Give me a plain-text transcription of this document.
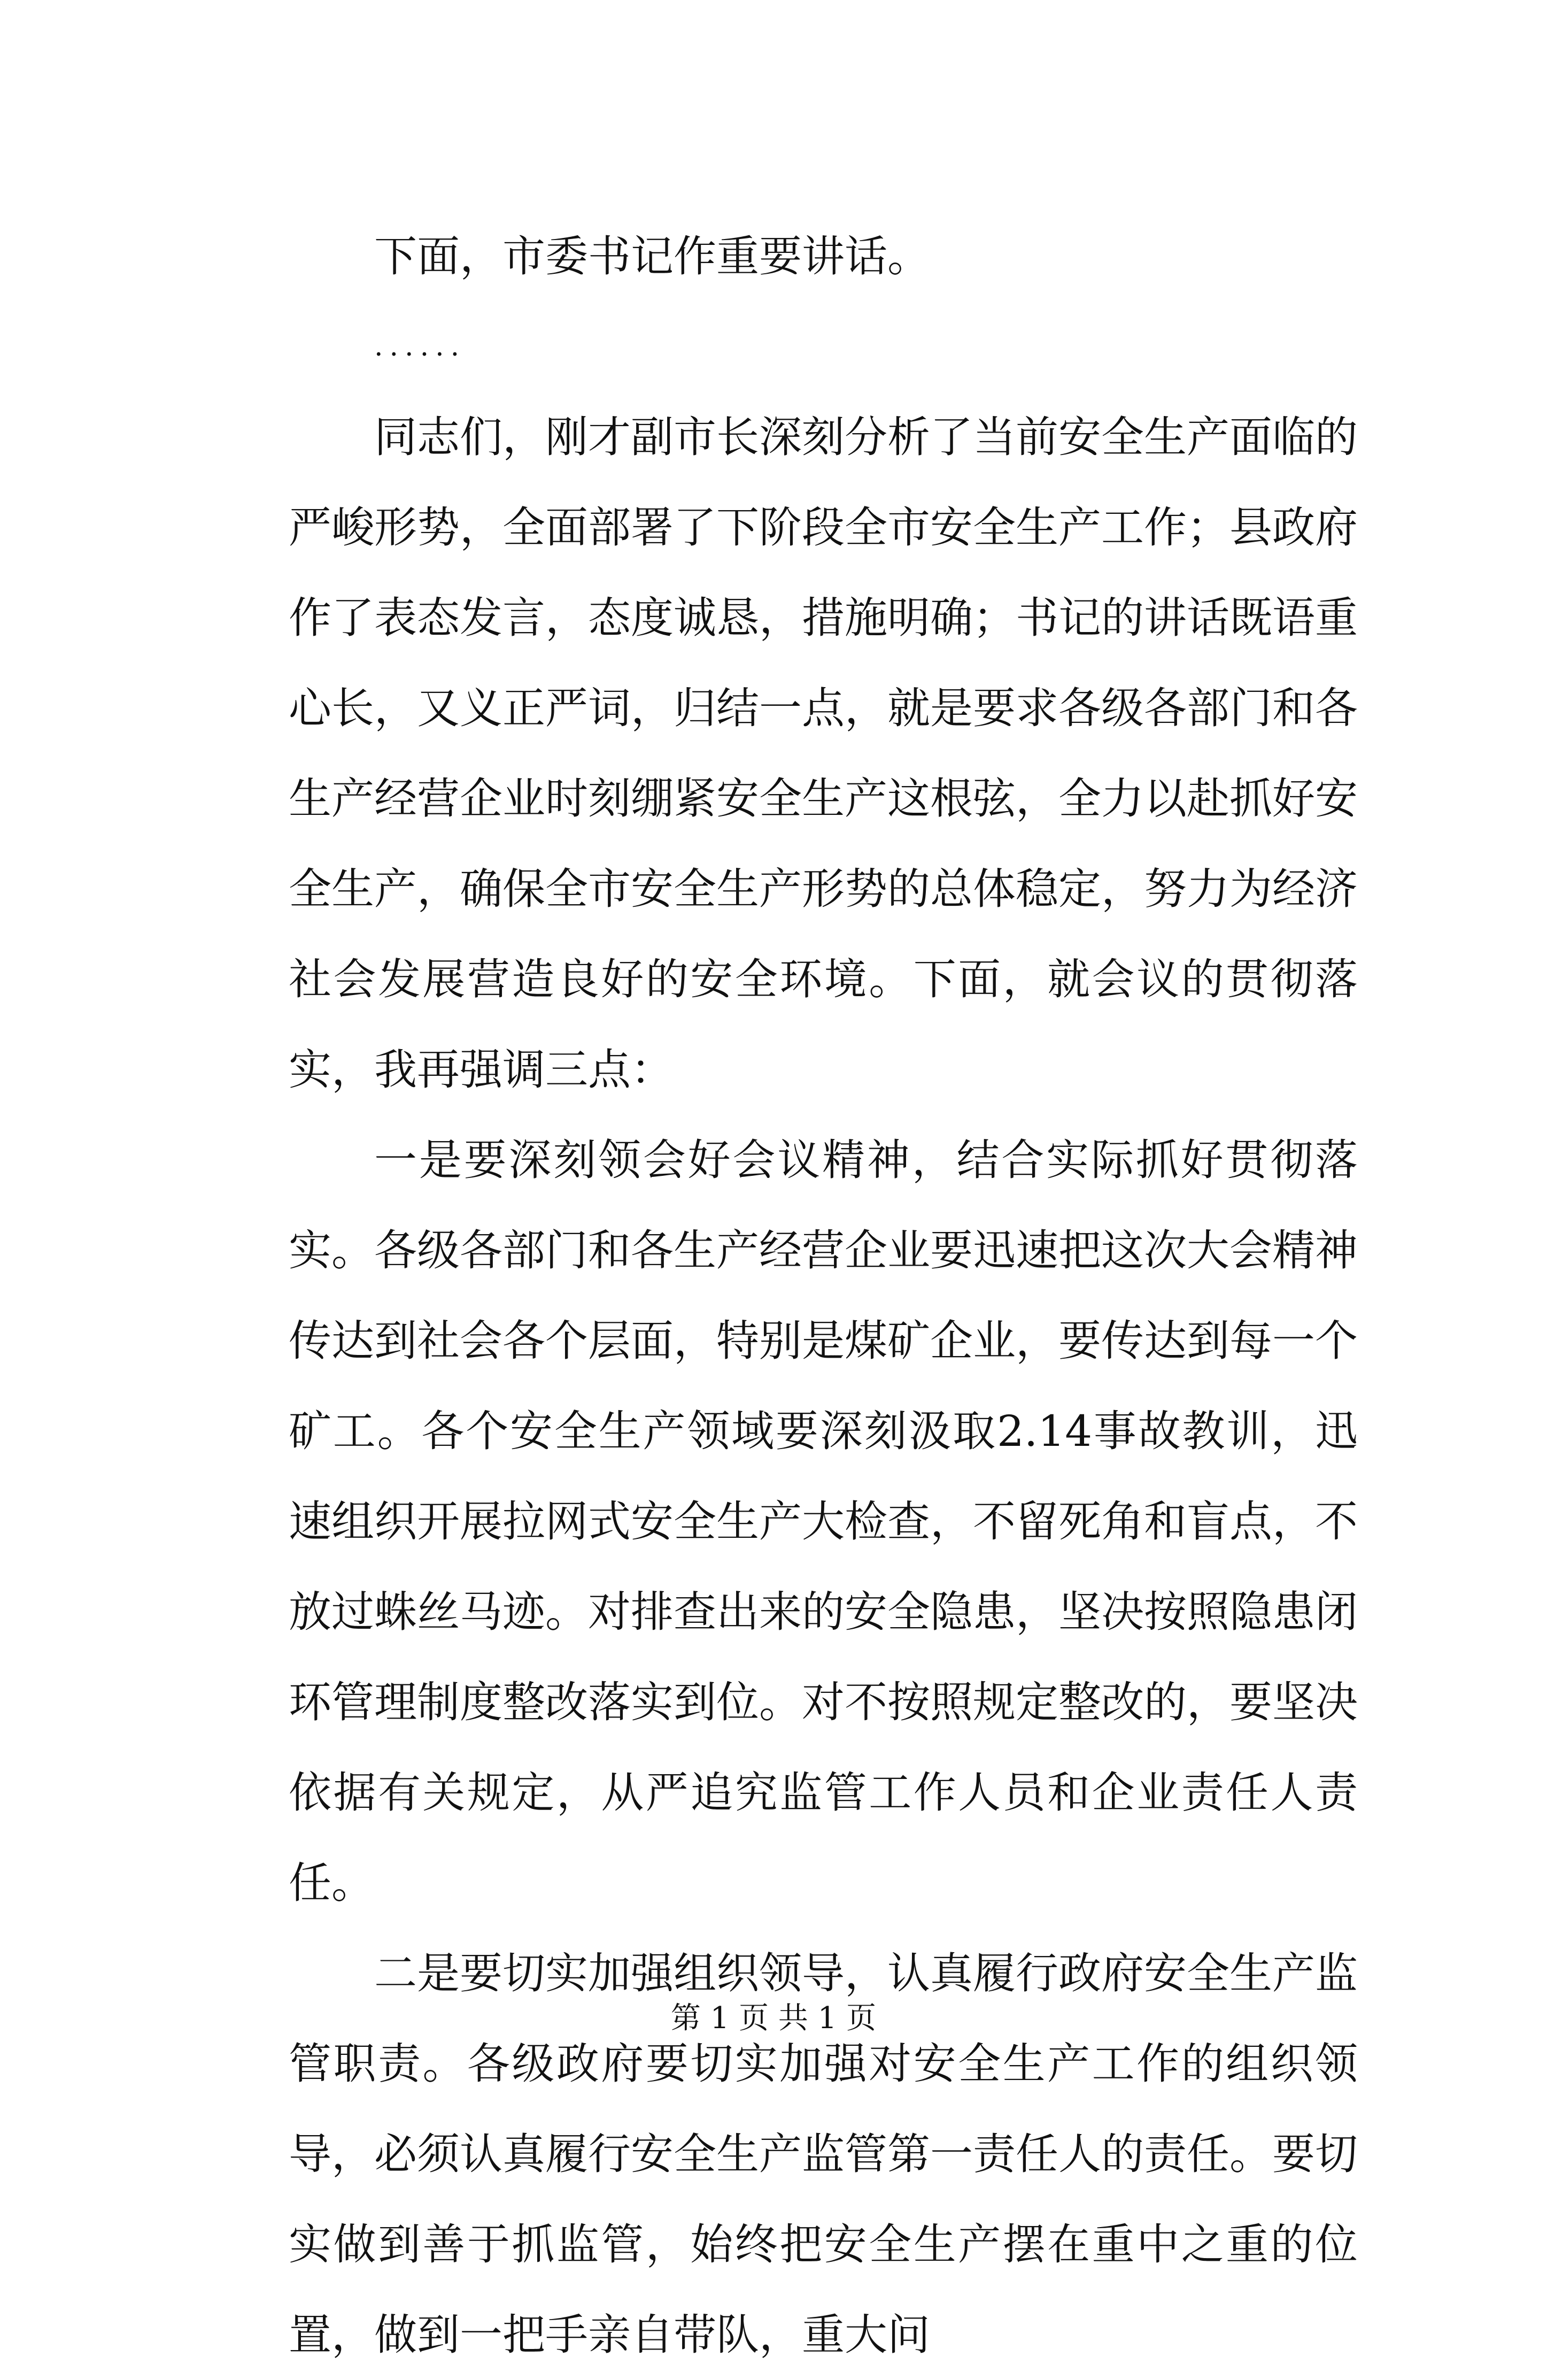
下面，市委书记作重要讲话。

......

同志们，刚才副市长深刻分析了当前安全生产面临的严峻形势，全面部署了下阶段全市安全生产工作；县政府作了表态发言，态度诚恳，措施明确；书记的讲话既语重心长，又义正严词，归结一点，就是要求各级各部门和各生产经营企业时刻绷紧安全生产这根弦，全力以赴抓好安全生产，确保全市安全生产形势的总体稳定，努力为经济社会发展营造良好的安全环境。下面，就会议的贯彻落实，我再强调三点：

一是要深刻领会好会议精神，结合实际抓好贯彻落实。各级各部门和各生产经营企业要迅速把这次大会精神传达到社会各个层面，特别是煤矿企业，要传达到每一个矿工。各个安全生产领域要深刻汲取2.14事故教训，迅速组织开展拉网式安全生产大检查，不留死角和盲点，不放过蛛丝马迹。对排查出来的安全隐患，坚决按照隐患闭环管理制度整改落实到位。对不按照规定整改的，要坚决依据有关规定，从严追究监管工作人员和企业责任人责任。

二是要切实加强组织领导，认真履行政府安全生产监管职责。各级政府要切实加强对安全生产工作的组织领导，必须认真履行安全生产监管第一责任人的责任。要切实做到善于抓监管，始终把安全生产摆在重中之重的位置，做到一把手亲自带队，重大问

第 1 页 共 1 页
